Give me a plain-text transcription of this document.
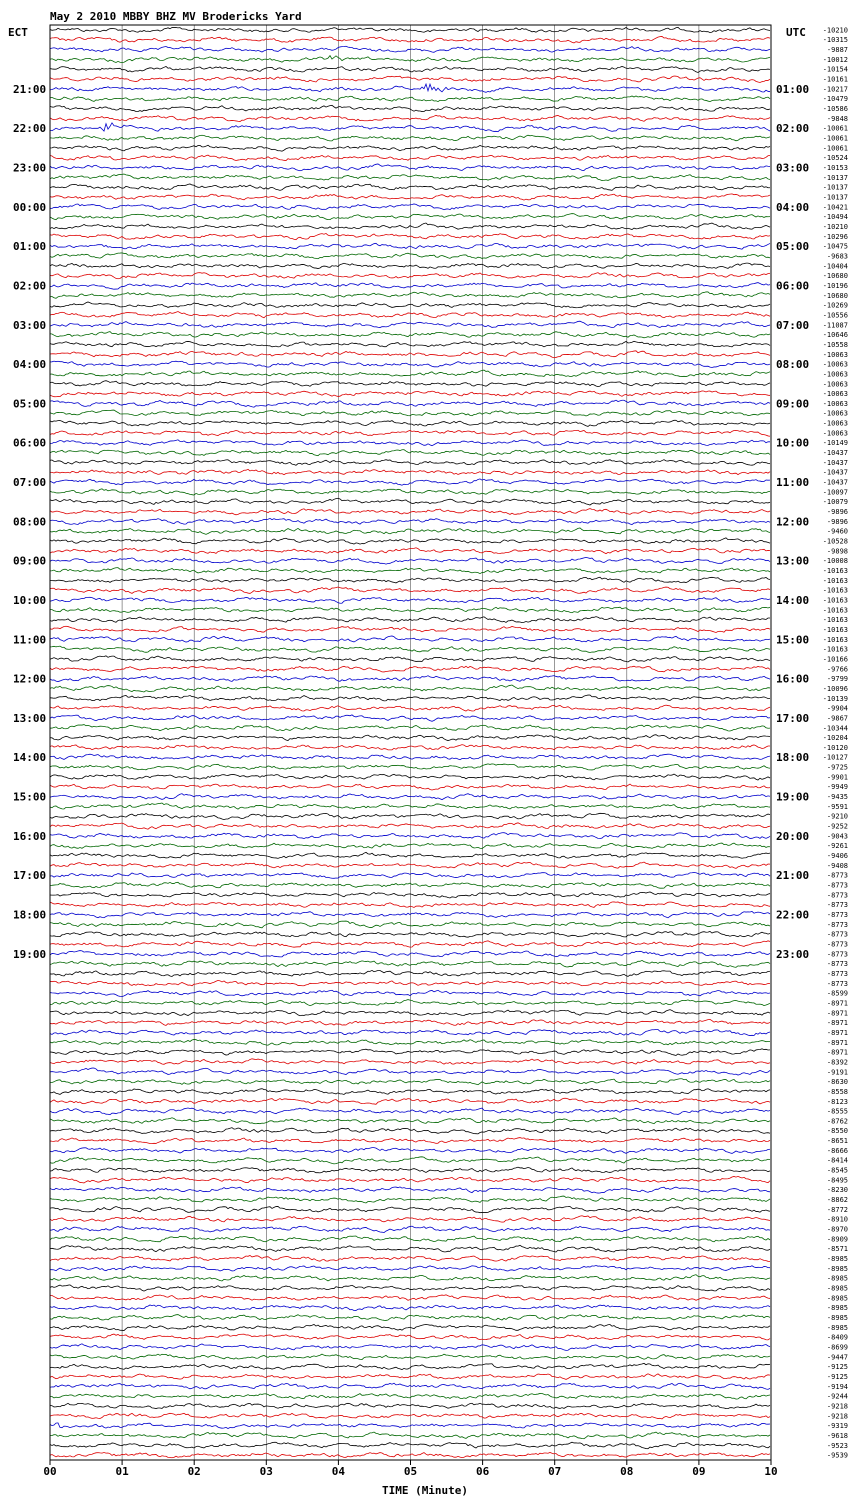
May 2 2010 MBBY BHZ MV Brodericks Yard
ECT	UTC
TIME (Minute)
21:00
22:00
23:00
00:00
01:00
02:00
03:00
04:00
05:00
06:00
07:00
08:00
09:00
10:00
11:00
12:00
13:00
14:00
15:00
16:00
17:00
18:00
19:00
01:00
02:00
03:00
04:00
05:00
06:00
07:00
08:00
09:00
10:00
11:00
12:00
13:00
14:00
15:00
16:00
17:00
18:00
19:00
20:00
21:00
22:00
23:00
-10210
-10315
-9887
-10012
-10154
-10161
-10217
-10479
-10586
-9848
-10061
-10061
-10061
-10524
-10153
-10137
-10137
-10137
-10421
-10494
-10210
-10296
-10475
-9683
-10404
-10680
-10196
-10680
-10269
-10556
-11087
-10646
-10558
-10063
-10063
-10063
-10063
-10063
-10063
-10063
-10063
-10063
-10149
-10437
-10437
-10437
-10437
-10097
-10079
-9896
-9896
-9460
-10528
-9898
-10008
-10163
-10163
-10163
-10163
-10163
-10163
-10163
-10163
-10163
-10166
-9766
-9799
-10096
-10139
-9904
-9867
-10344
-10204
-10120
-10127
-9725
-9901
-9949
-9435
-9591
-9210
-9252
-9043
-9261
-9406
-9408
-8773
-8773
-8773
-8773
-8773
-8773
-8773
-8773
-8773
-8773
-8773
-8773
-8599
-8971
-8971
-8971
-8971
-8971
-8971
-8392
-9191
-8630
-8558
-8123
-8555
-8762
-8550
-8651
-8666
-8414
-8545
-8495
-8230
-8862
-8772
-8910
-8970
-8909
-8571
-8985
-8985
-8985
-8985
-8985
-8985
-8985
-8985
-8409
-8699
-9447
-9125
-9125
-9194
-9244
-9218
-9218
-9319
-9618
-9523
-9539
00	01	02	03	04	05	06	07	08	09	10
